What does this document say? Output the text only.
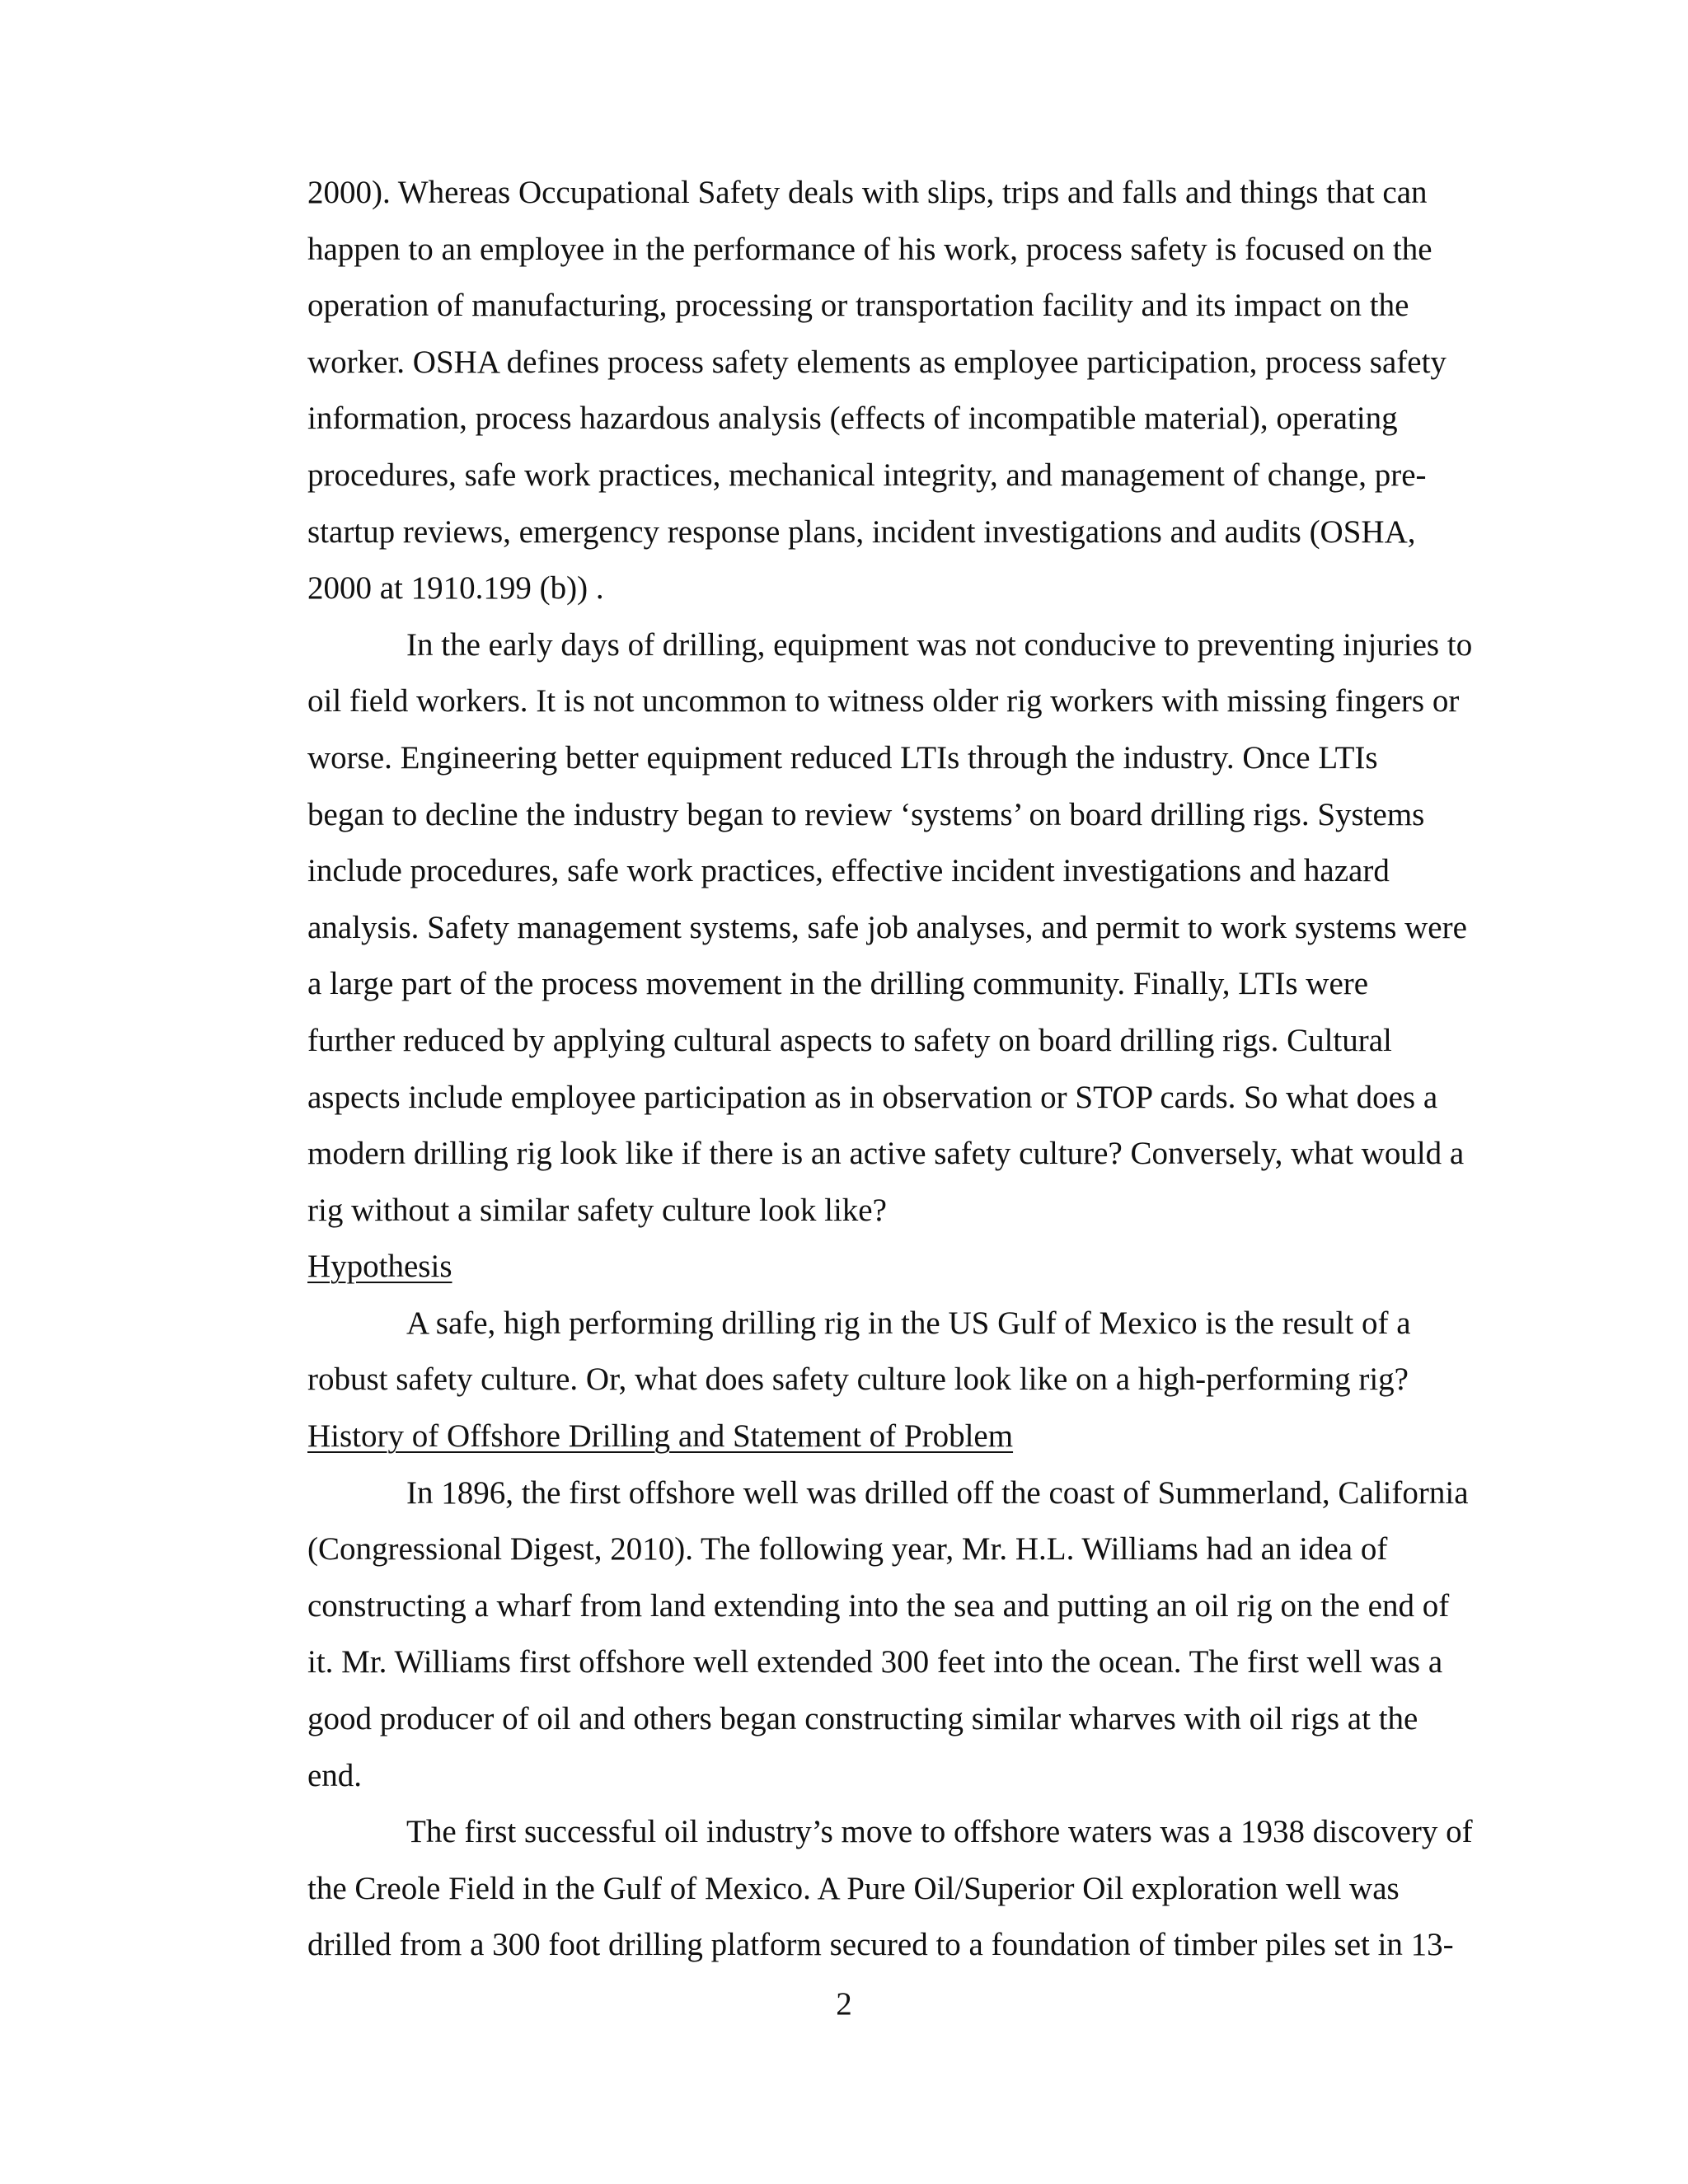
2000). Whereas Occupational Safety deals with slips, trips and falls and things that can
happen to an employee in the performance of his work, process safety is focused on the
operation of manufacturing, processing or transportation facility and its impact on the
worker. OSHA defines process safety elements as employee participation, process safety
information, process hazardous analysis (effects of incompatible material), operating
procedures, safe work practices, mechanical integrity, and management of change, pre-
startup reviews, emergency response plans, incident investigations and audits (OSHA,
2000 at 1910.199 (b)) .
In the early days of drilling, equipment was not conducive to preventing injuries to
oil field workers. It is not uncommon to witness older rig workers with missing fingers or
worse. Engineering better equipment reduced LTIs through the industry. Once LTIs
began to decline the industry began to review ‘systems’ on board drilling rigs. Systems
include procedures, safe work practices, effective incident investigations and hazard
analysis. Safety management systems, safe job analyses, and permit to work systems were
a large part of the process movement in the drilling community. Finally, LTIs were
further reduced by applying cultural aspects to safety on board drilling rigs. Cultural
aspects include employee participation as in observation or STOP cards. So what does a
modern drilling rig look like if there is an active safety culture? Conversely, what would a
rig without a similar safety culture look like?
Hypothesis
A safe, high performing drilling rig in the US Gulf of Mexico is the result of a
robust safety culture. Or, what does safety culture look like on a high-performing rig?
History of Offshore Drilling and Statement of Problem
In 1896, the first offshore well was drilled off the coast of Summerland, California
(Congressional Digest, 2010). The following year, Mr. H.L. Williams had an idea of
constructing a wharf from land extending into the sea and putting an oil rig on the end of
it. Mr. Williams first offshore well extended 300 feet into the ocean. The first well was a
good producer of oil and others began constructing similar wharves with oil rigs at the
end.
The first successful oil industry’s move to offshore waters was a 1938 discovery of
the Creole Field in the Gulf of Mexico. A Pure Oil/Superior Oil exploration well was
drilled from a 300 foot drilling platform secured to a foundation of timber piles set in 13-
2
